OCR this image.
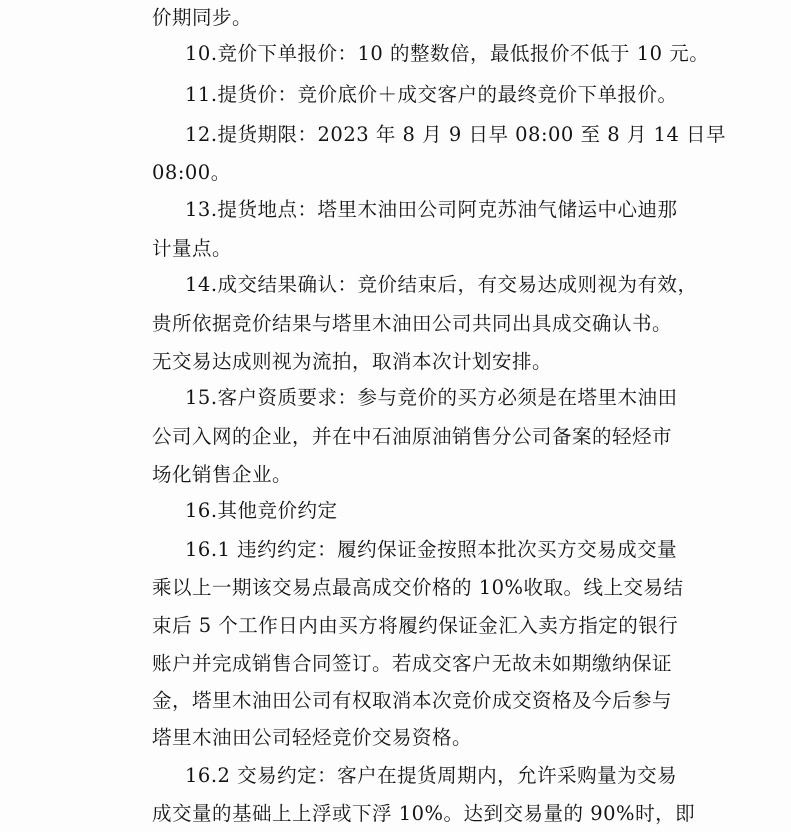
价期同步。
10.竞价下单报价：10 的整数倍，最低报价不低于 10 元。
11.提货价：竞价底价＋成交客户的最终竞价下单报价。
12.提货期限：2023 年 8 月 9 日早 08:00 至 8 月 14 日早
08:00。
13.提货地点：塔里木油田公司阿克苏油气储运中心迪那
计量点。
14.成交结果确认：竞价结束后，有交易达成则视为有效，
贵所依据竞价结果与塔里木油田公司共同出具成交确认书。
无交易达成则视为流拍，取消本次计划安排。
15.客户资质要求：参与竞价的买方必须是在塔里木油田
公司入网的企业，并在中石油原油销售分公司备案的轻烃市
场化销售企业。
16.其他竞价约定
16.1 违约约定：履约保证金按照本批次买方交易成交量
乘以上一期该交易点最高成交价格的 10%收取。线上交易结
束后 5 个工作日内由买方将履约保证金汇入卖方指定的银行
账户并完成销售合同签订。若成交客户无故未如期缴纳保证
金，塔里木油田公司有权取消本次竞价成交资格及今后参与
塔里木油田公司轻烃竞价交易资格。
16.2 交易约定：客户在提货周期内，允许采购量为交易
成交量的基础上上浮或下浮 10%。达到交易量的 90%时，即
